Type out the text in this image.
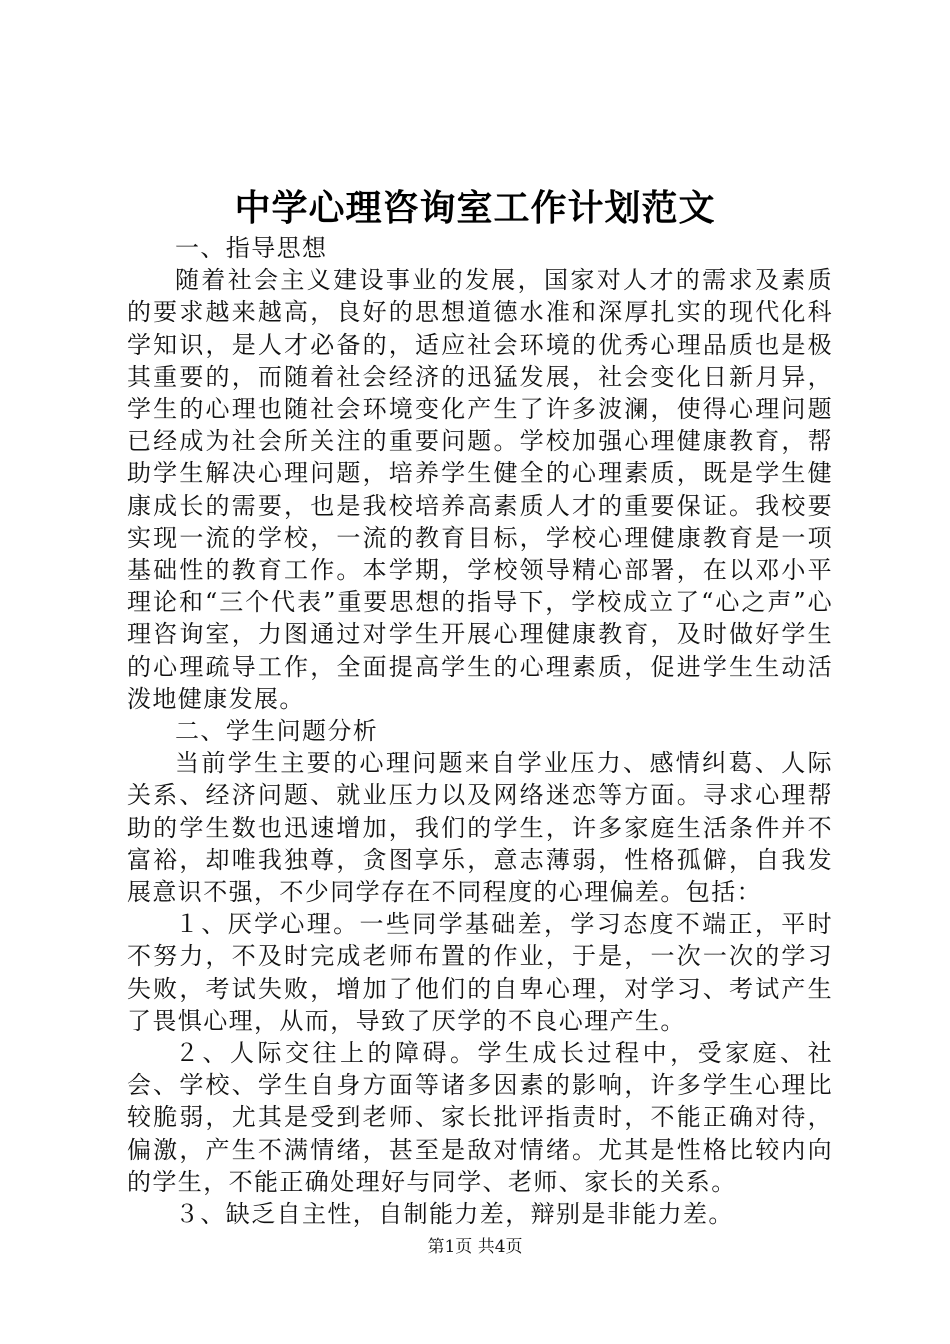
中学心理咨询室工作计划范文

一、指导思想

随着社会主义建设事业的发展，国家对人才的需求及素质的要求越来越高，良好的思想道德水准和深厚扎实的现代化科学知识，是人才必备的，适应社会环境的优秀心理品质也是极其重要的，而随着社会经济的迅猛发展，社会变化日新月异，学生的心理也随社会环境变化产生了许多波澜，使得心理问题已经成为社会所关注的重要问题。学校加强心理健康教育，帮助学生解决心理问题，培养学生健全的心理素质，既是学生健康成长的需要，也是我校培养高素质人才的重要保证。我校要实现一流的学校，一流的教育目标，学校心理健康教育是一项基础性的教育工作。本学期，学校领导精心部署，在以邓小平理论和“三个代表”重要思想的指导下，学校成立了“心之声”心理咨询室，力图通过对学生开展心理健康教育，及时做好学生的心理疏导工作，全面提高学生的心理素质，促进学生生动活泼地健康发展。

二、学生问题分析

当前学生主要的心理问题来自学业压力、感情纠葛、人际关系、经济问题、就业压力以及网络迷恋等方面。寻求心理帮助的学生数也迅速增加，我们的学生，许多家庭生活条件并不富裕，却唯我独尊，贪图享乐，意志薄弱，性格孤僻，自我发展意识不强，不少同学存在不同程度的心理偏差。包括：

１、厌学心理。一些同学基础差，学习态度不端正，平时不努力，不及时完成老师布置的作业，于是，一次一次的学习失败，考试失败，增加了他们的自卑心理，对学习、考试产生了畏惧心理，从而，导致了厌学的不良心理产生。

２、人际交往上的障碍。学生成长过程中，受家庭、社会、学校、学生自身方面等诸多因素的影响，许多学生心理比较脆弱，尤其是受到老师、家长批评指责时，不能正确对待，偏激，产生不满情绪，甚至是敌对情绪。尤其是性格比较内向的学生，不能正确处理好与同学、老师、家长的关系。

３、缺乏自主性，自制能力差，辩别是非能力差。

第1页 共4页
